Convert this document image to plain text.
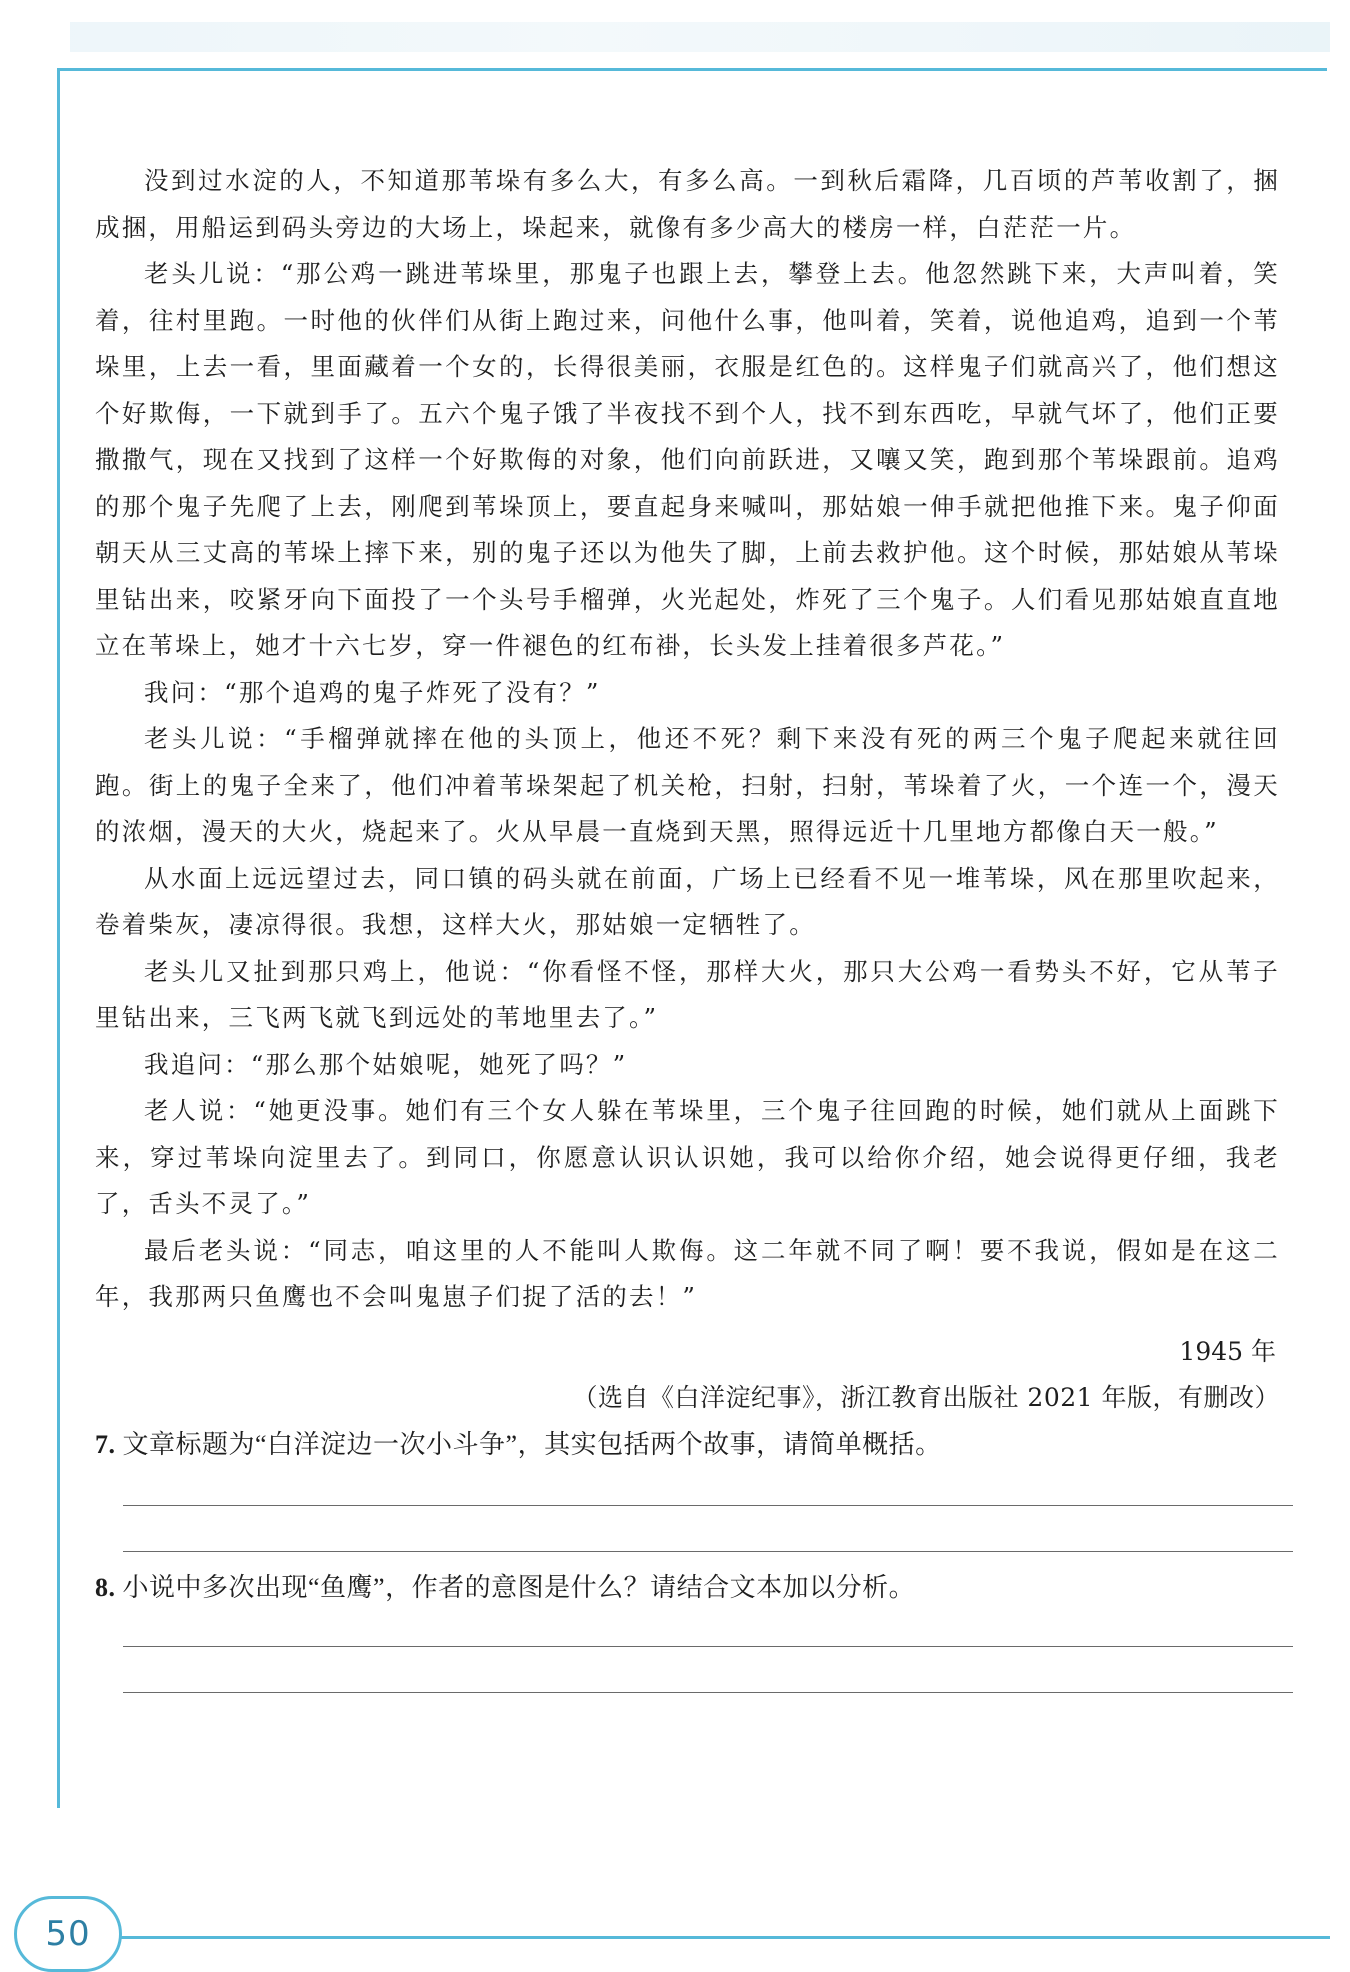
50

没到过水淀的人，不知道那苇垛有多么大，有多么高。一到秋后霜降，几百顷的芦苇收割了，捆成捆，用船运到码头旁边的大场上，垛起来，就像有多少高大的楼房一样，白茫茫一片。

老头儿说：“那公鸡一跳进苇垛里，那鬼子也跟上去，攀登上去。他忽然跳下来，大声叫着，笑着，往村里跑。一时他的伙伴们从街上跑过来，问他什么事，他叫着，笑着，说他追鸡，追到一个苇垛里，上去一看，里面藏着一个女的，长得很美丽，衣服是红色的。这样鬼子们就高兴了，他们想这个好欺侮，一下就到手了。五六个鬼子饿了半夜找不到个人，找不到东西吃，早就气坏了，他们正要撒撒气，现在又找到了这样一个好欺侮的对象，他们向前跃进，又嚷又笑，跑到那个苇垛跟前。追鸡的那个鬼子先爬了上去，刚爬到苇垛顶上，要直起身来喊叫，那姑娘一伸手就把他推下来。鬼子仰面朝天从三丈高的苇垛上摔下来，别的鬼子还以为他失了脚，上前去救护他。这个时候，那姑娘从苇垛里钻出来，咬紧牙向下面投了一个头号手榴弹，火光起处，炸死了三个鬼子。人们看见那姑娘直直地立在苇垛上，她才十六七岁，穿一件褪色的红布褂，长头发上挂着很多芦花。”

我问：“那个追鸡的鬼子炸死了没有？”

老头儿说：“手榴弹就摔在他的头顶上，他还不死？剩下来没有死的两三个鬼子爬起来就往回跑。街上的鬼子全来了，他们冲着苇垛架起了机关枪，扫射，扫射，苇垛着了火，一个连一个，漫天的浓烟，漫天的大火，烧起来了。火从早晨一直烧到天黑，照得远近十几里地方都像白天一般。”

从水面上远远望过去，同口镇的码头就在前面，广场上已经看不见一堆苇垛，风在那里吹起来，卷着柴灰，凄凉得很。我想，这样大火，那姑娘一定牺牲了。

老头儿又扯到那只鸡上，他说：“你看怪不怪，那样大火，那只大公鸡一看势头不好，它从苇子里钻出来，三飞两飞就飞到远处的苇地里去了。”

我追问：“那么那个姑娘呢，她死了吗？”

老人说：“她更没事。她们有三个女人躲在苇垛里，三个鬼子往回跑的时候，她们就从上面跳下来，穿过苇垛向淀里去了。到同口，你愿意认识认识她，我可以给你介绍，她会说得更仔细，我老了，舌头不灵了。”

最后老头说：“同志，咱这里的人不能叫人欺侮。这二年就不同了啊！要不我说，假如是在这二年，我那两只鱼鹰也不会叫鬼崽子们捉了活的去！”

1945 年

（选自《白洋淀纪事》，浙江教育出版社 2021 年版，有删改）

7. 文章标题为“白洋淀边一次小斗争”，其实包括两个故事，请简单概括。

8. 小说中多次出现“鱼鹰”，作者的意图是什么？请结合文本加以分析。
